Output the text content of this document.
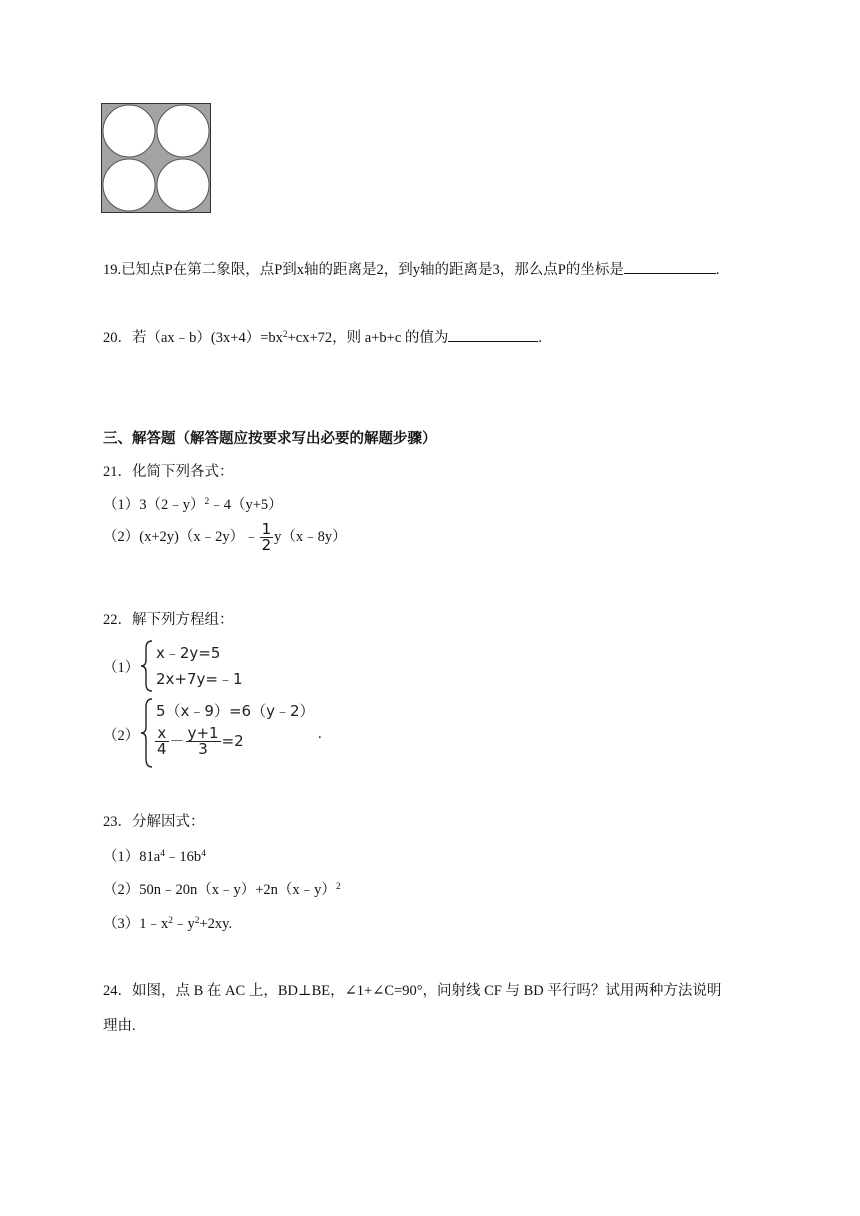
19.已知点P在第二象限，点P到x轴的距离是2，到y轴的距离是3，那么点P的坐标是	.
20．若$(ax﹣b)(3x+4)=bx^2+cx+72$，则 a+b+c 的值为	.
三、解答题（解答题应按要求写出必要的解题步骤）
21．化简下列各式：
（1）3（2﹣y）$^2$﹣4（y+5）
（2）(x+2y)（x﹣2y）﹣ $\frac{1}{2}$ y（x﹣8y）
22．解下列方程组：
（1）
x﹣2y=5
2x+7y=﹣1
（2）
5（x﹣9）=6（y﹣2）
$\frac{x}{4} - \frac{y+1}{3} =2$	.
23．分解因式：
$(1)81a^4﹣16b^4$
（2）50n﹣20n（x﹣y）+2n（x﹣y）$^2$
$(3)1﹣x^2﹣y^2+2xy$.
24．如图，点 B 在 AC 上，BD⊥BE，∠1+∠C=90°，问射线 CF 与 BD 平行吗？试用两种方法说明
理由.
